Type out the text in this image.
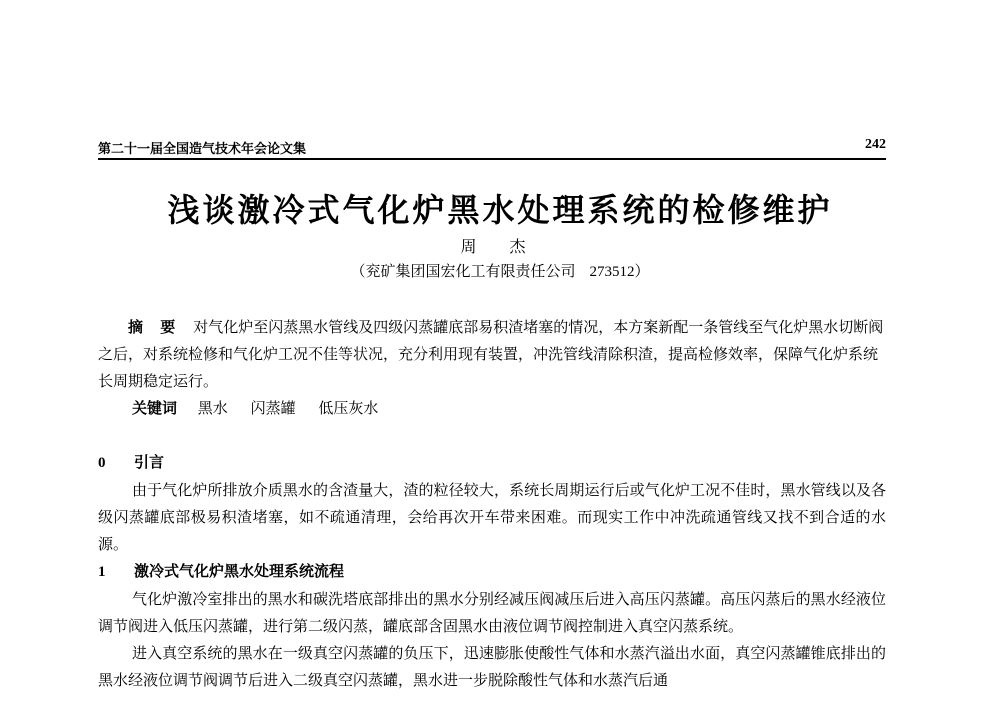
第二十一届全国造气技术年会论文集	242
浅谈激冷式气化炉黑水处理系统的检修维护
周 杰
（兖矿集团国宏化工有限责任公司 273512）

摘 要 对气化炉至闪蒸黑水管线及四级闪蒸罐底部易积渣堵塞的情况，本方案新配一条管线至气化炉黑水切断阀之后，对系统检修和气化炉工况不佳等状况，充分利用现有装置，冲洗管线清除积渣，提高检修效率，保障气化炉系统长周期稳定运行。

关键词 黑水 闪蒸罐 低压灰水
0 引言

由于气化炉所排放介质黑水的含渣量大，渣的粒径较大，系统长周期运行后或气化炉工况不佳时，黑水管线以及各级闪蒸罐底部极易积渣堵塞，如不疏通清理，会给再次开车带来困难。而现实工作中冲洗疏通管线又找不到合适的水源。

1 激冷式气化炉黑水处理系统流程

气化炉激冷室排出的黑水和碳洗塔底部排出的黑水分别经减压阀减压后进入高压闪蒸罐。高压闪蒸后的黑水经液位调节阀进入低压闪蒸罐，进行第二级闪蒸，罐底部含固黑水由液位调节阀控制进入真空闪蒸系统。

进入真空系统的黑水在一级真空闪蒸罐的负压下，迅速膨胀使酸性气体和水蒸汽溢出水面，真空闪蒸罐锥底排出的黑水经液位调节阀调节后进入二级真空闪蒸罐，黑水进一步脱除酸性气体和水蒸汽后通
